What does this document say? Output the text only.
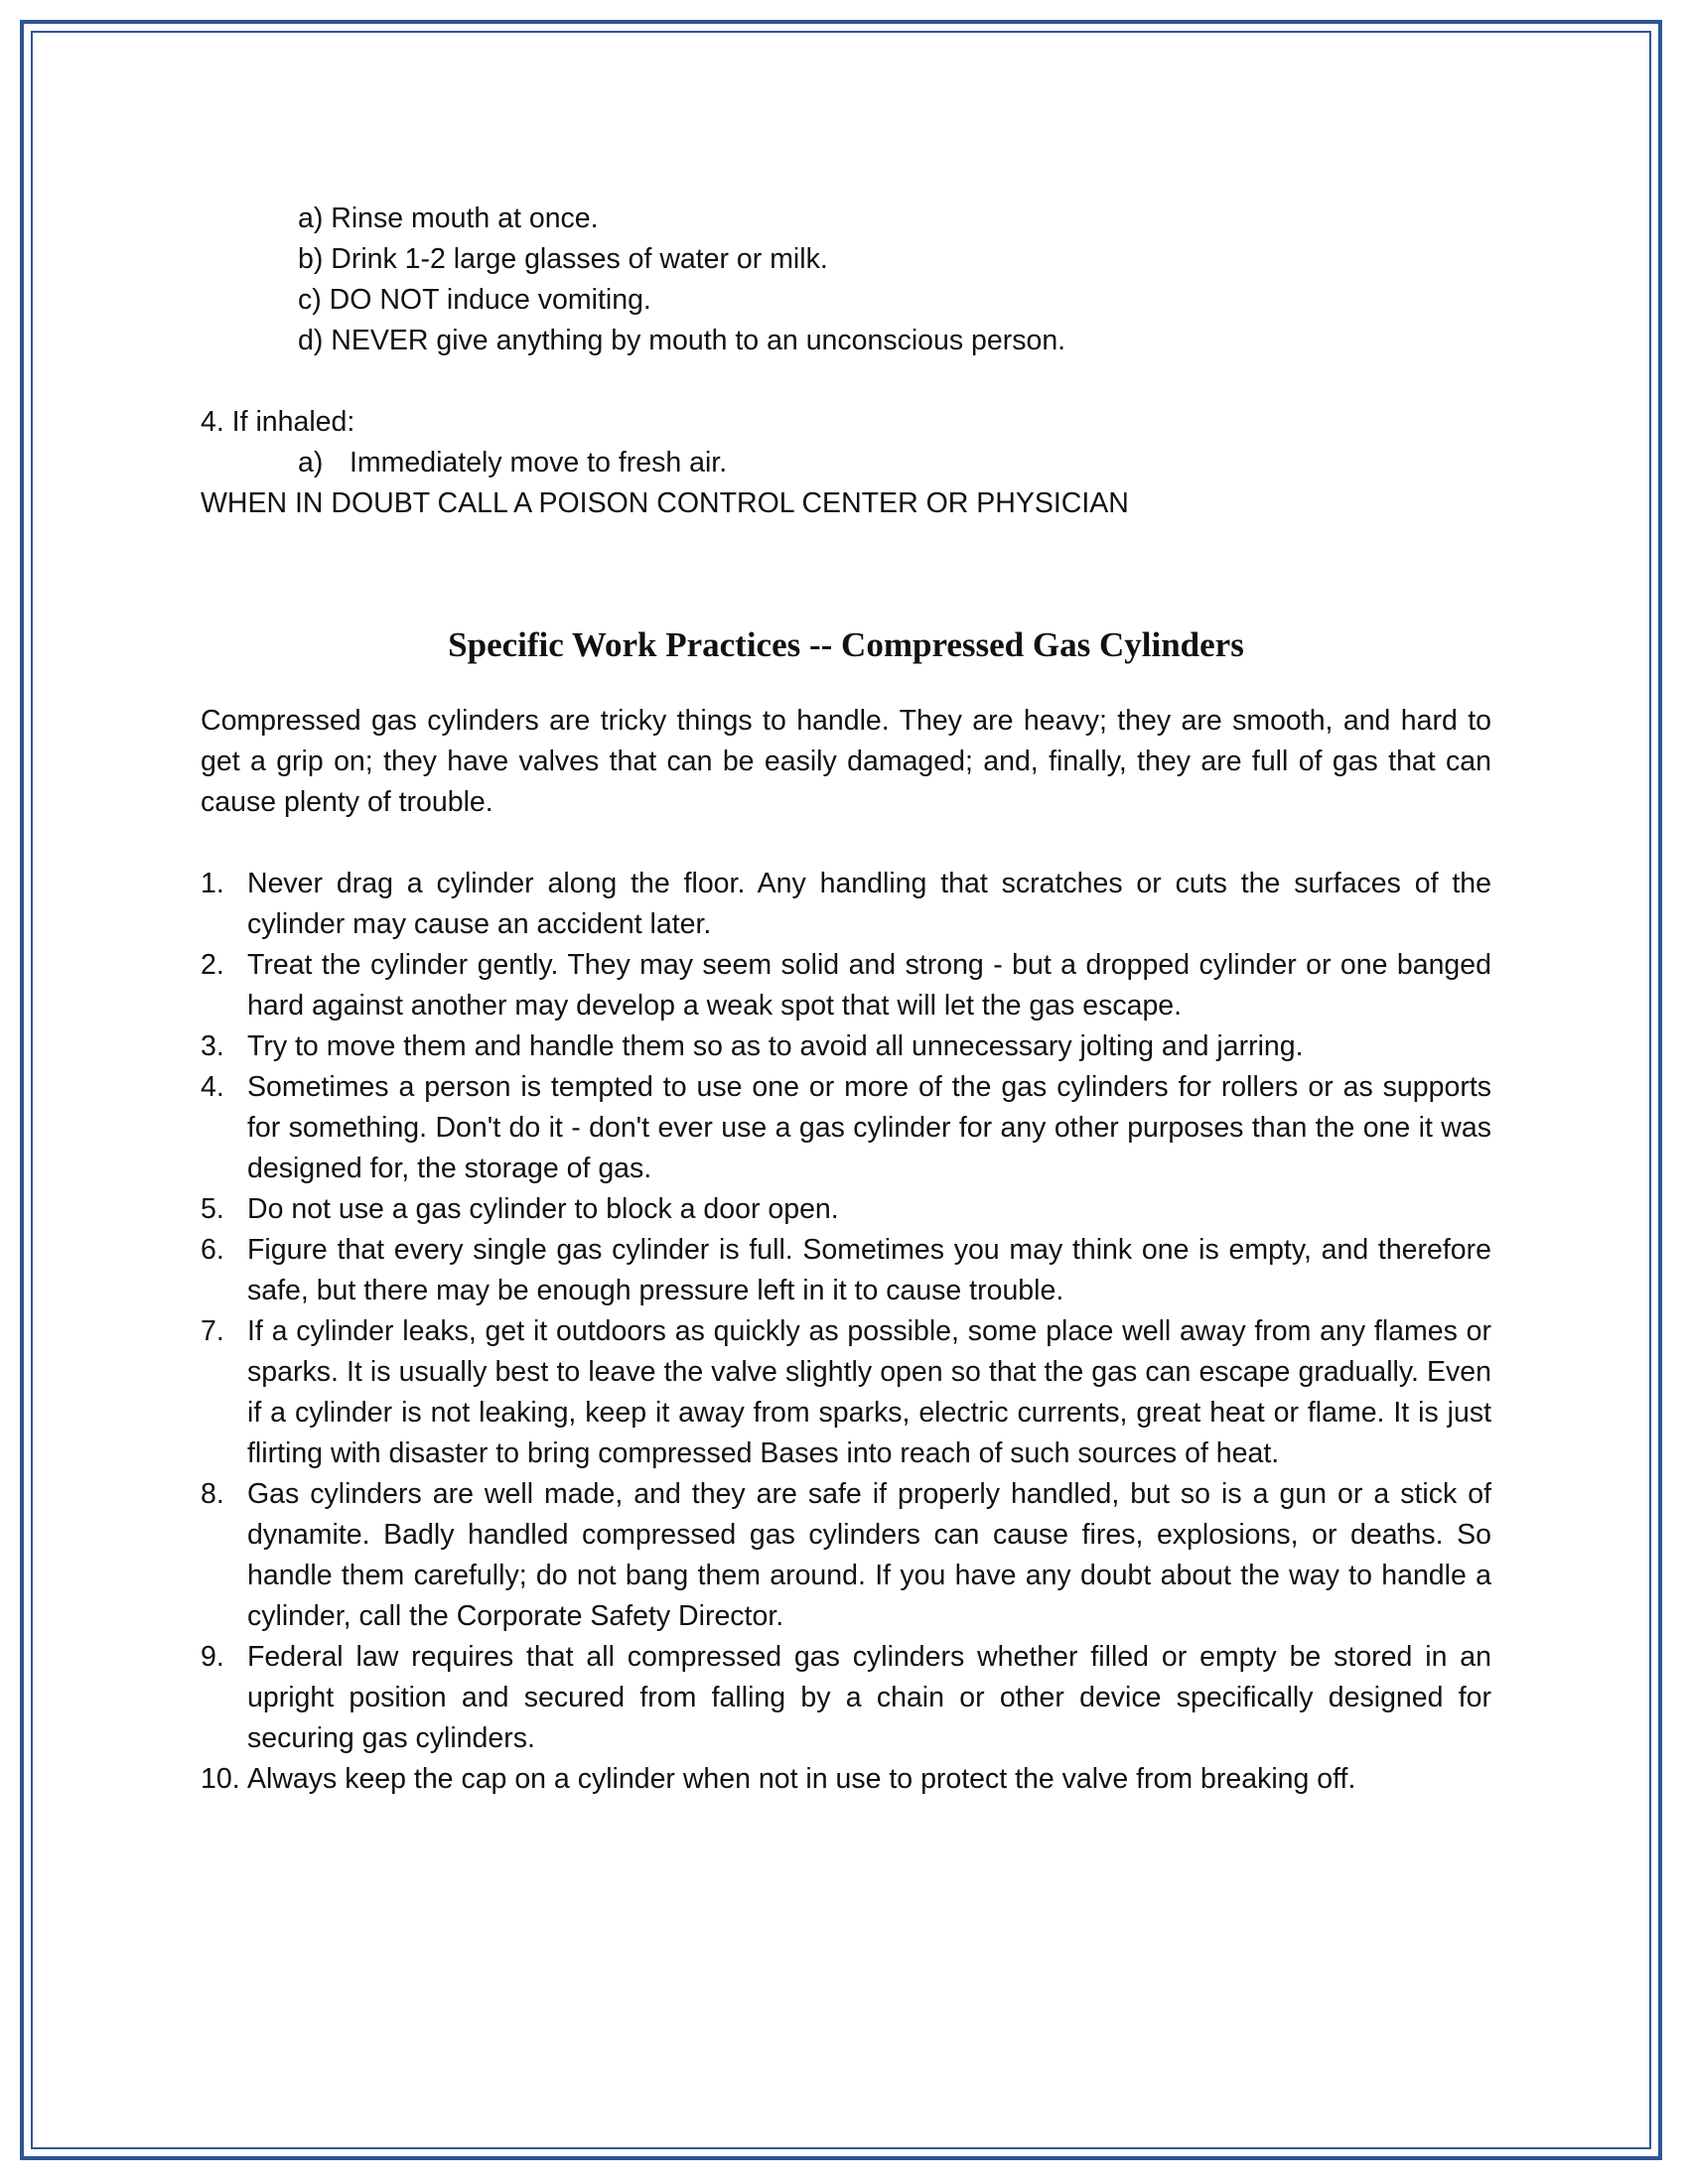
a) Rinse mouth at once.
b) Drink 1-2 large glasses of water or milk.
c) DO NOT induce vomiting.
d) NEVER give anything by mouth to an unconscious person.
4. If inhaled:
a) Immediately move to fresh air.
WHEN IN DOUBT CALL A POISON CONTROL CENTER OR PHYSICIAN
Specific Work Practices -- Compressed Gas Cylinders
Compressed gas cylinders are tricky things to handle. They are heavy; they are smooth, and hard to get a grip on; they have valves that can be easily damaged; and, finally, they are full of gas that can cause plenty of trouble.
1. Never drag a cylinder along the floor. Any handling that scratches or cuts the surfaces of the cylinder may cause an accident later.
2. Treat the cylinder gently. They may seem solid and strong - but a dropped cylinder or one banged hard against another may develop a weak spot that will let the gas escape.
3. Try to move them and handle them so as to avoid all unnecessary jolting and jarring.
4. Sometimes a person is tempted to use one or more of the gas cylinders for rollers or as supports for something. Don't do it - don't ever use a gas cylinder for any other purposes than the one it was designed for, the storage of gas.
5. Do not use a gas cylinder to block a door open.
6. Figure that every single gas cylinder is full. Sometimes you may think one is empty, and therefore safe, but there may be enough pressure left in it to cause trouble.
7. If a cylinder leaks, get it outdoors as quickly as possible, some place well away from any flames or sparks. It is usually best to leave the valve slightly open so that the gas can escape gradually. Even if a cylinder is not leaking, keep it away from sparks, electric currents, great heat or flame. It is just flirting with disaster to bring compressed Bases into reach of such sources of heat.
8. Gas cylinders are well made, and they are safe if properly handled, but so is a gun or a stick of dynamite. Badly handled compressed gas cylinders can cause fires, explosions, or deaths. So handle them carefully; do not bang them around. If you have any doubt about the way to handle a cylinder, call the Corporate Safety Director.
9. Federal law requires that all compressed gas cylinders whether filled or empty be stored in an upright position and secured from falling by a chain or other device specifically designed for securing gas cylinders.
10. Always keep the cap on a cylinder when not in use to protect the valve from breaking off.
